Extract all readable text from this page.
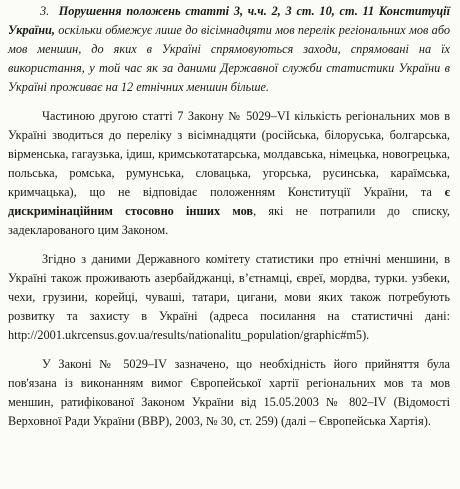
3. Порушення положень статті 3, ч.ч. 2, 3 ст. 10, ст. 11 Конституції України, оскільки обмежує лише до вісімнадцяти мов перелік регіональних мов або мов меншин, до яких в Україні спрямовуються заходи, спрямовані на їх використання, у той час як за даними Державної служби статистики України в Україні проживає на 12 етнічних меншин більше.

Частиною другою статті 7 Закону № 5029–VI кількість регіональних мов в Україні зводиться до переліку з вісімнадцяти (російська, білоруська, болгарська, вірменська, гагаузька, ідиш, кримськотатарська, молдавська, німецька, новогрецька, польська, ромська, румунська, словацька, угорська, русинська, караїмська, кримчацька), що не відповідає положенням Конституції України, та є дискримінаційним стосовно інших мов, які не потрапили до списку, задекларованого цим Законом.

Згідно з даними Державного комітету статистики про етнічні меншини, в Україні також проживають азербайджанці, в’єтнамці, євреї, мордва, турки. узбеки, чехи, грузини, корейці, чуваші, татари, цигани, мови яких також потребують розвитку та захисту в Україні (адреса посилання на статистичні дані: http://2001.ukrcensus.gov.ua/results/nationalitu_population/graphic#m5).

У Законі № 5029–IV зазначено, що необхідність його прийняття була пов'язана із виконанням вимог Європейської хартії регіональних мов та мов меншин, ратифікованої Законом України від 15.05.2003 № 802–IV (Відомості Верховної Ради України (ВВР), 2003, № 30, ст. 259) (далі – Європейська Хартія).
